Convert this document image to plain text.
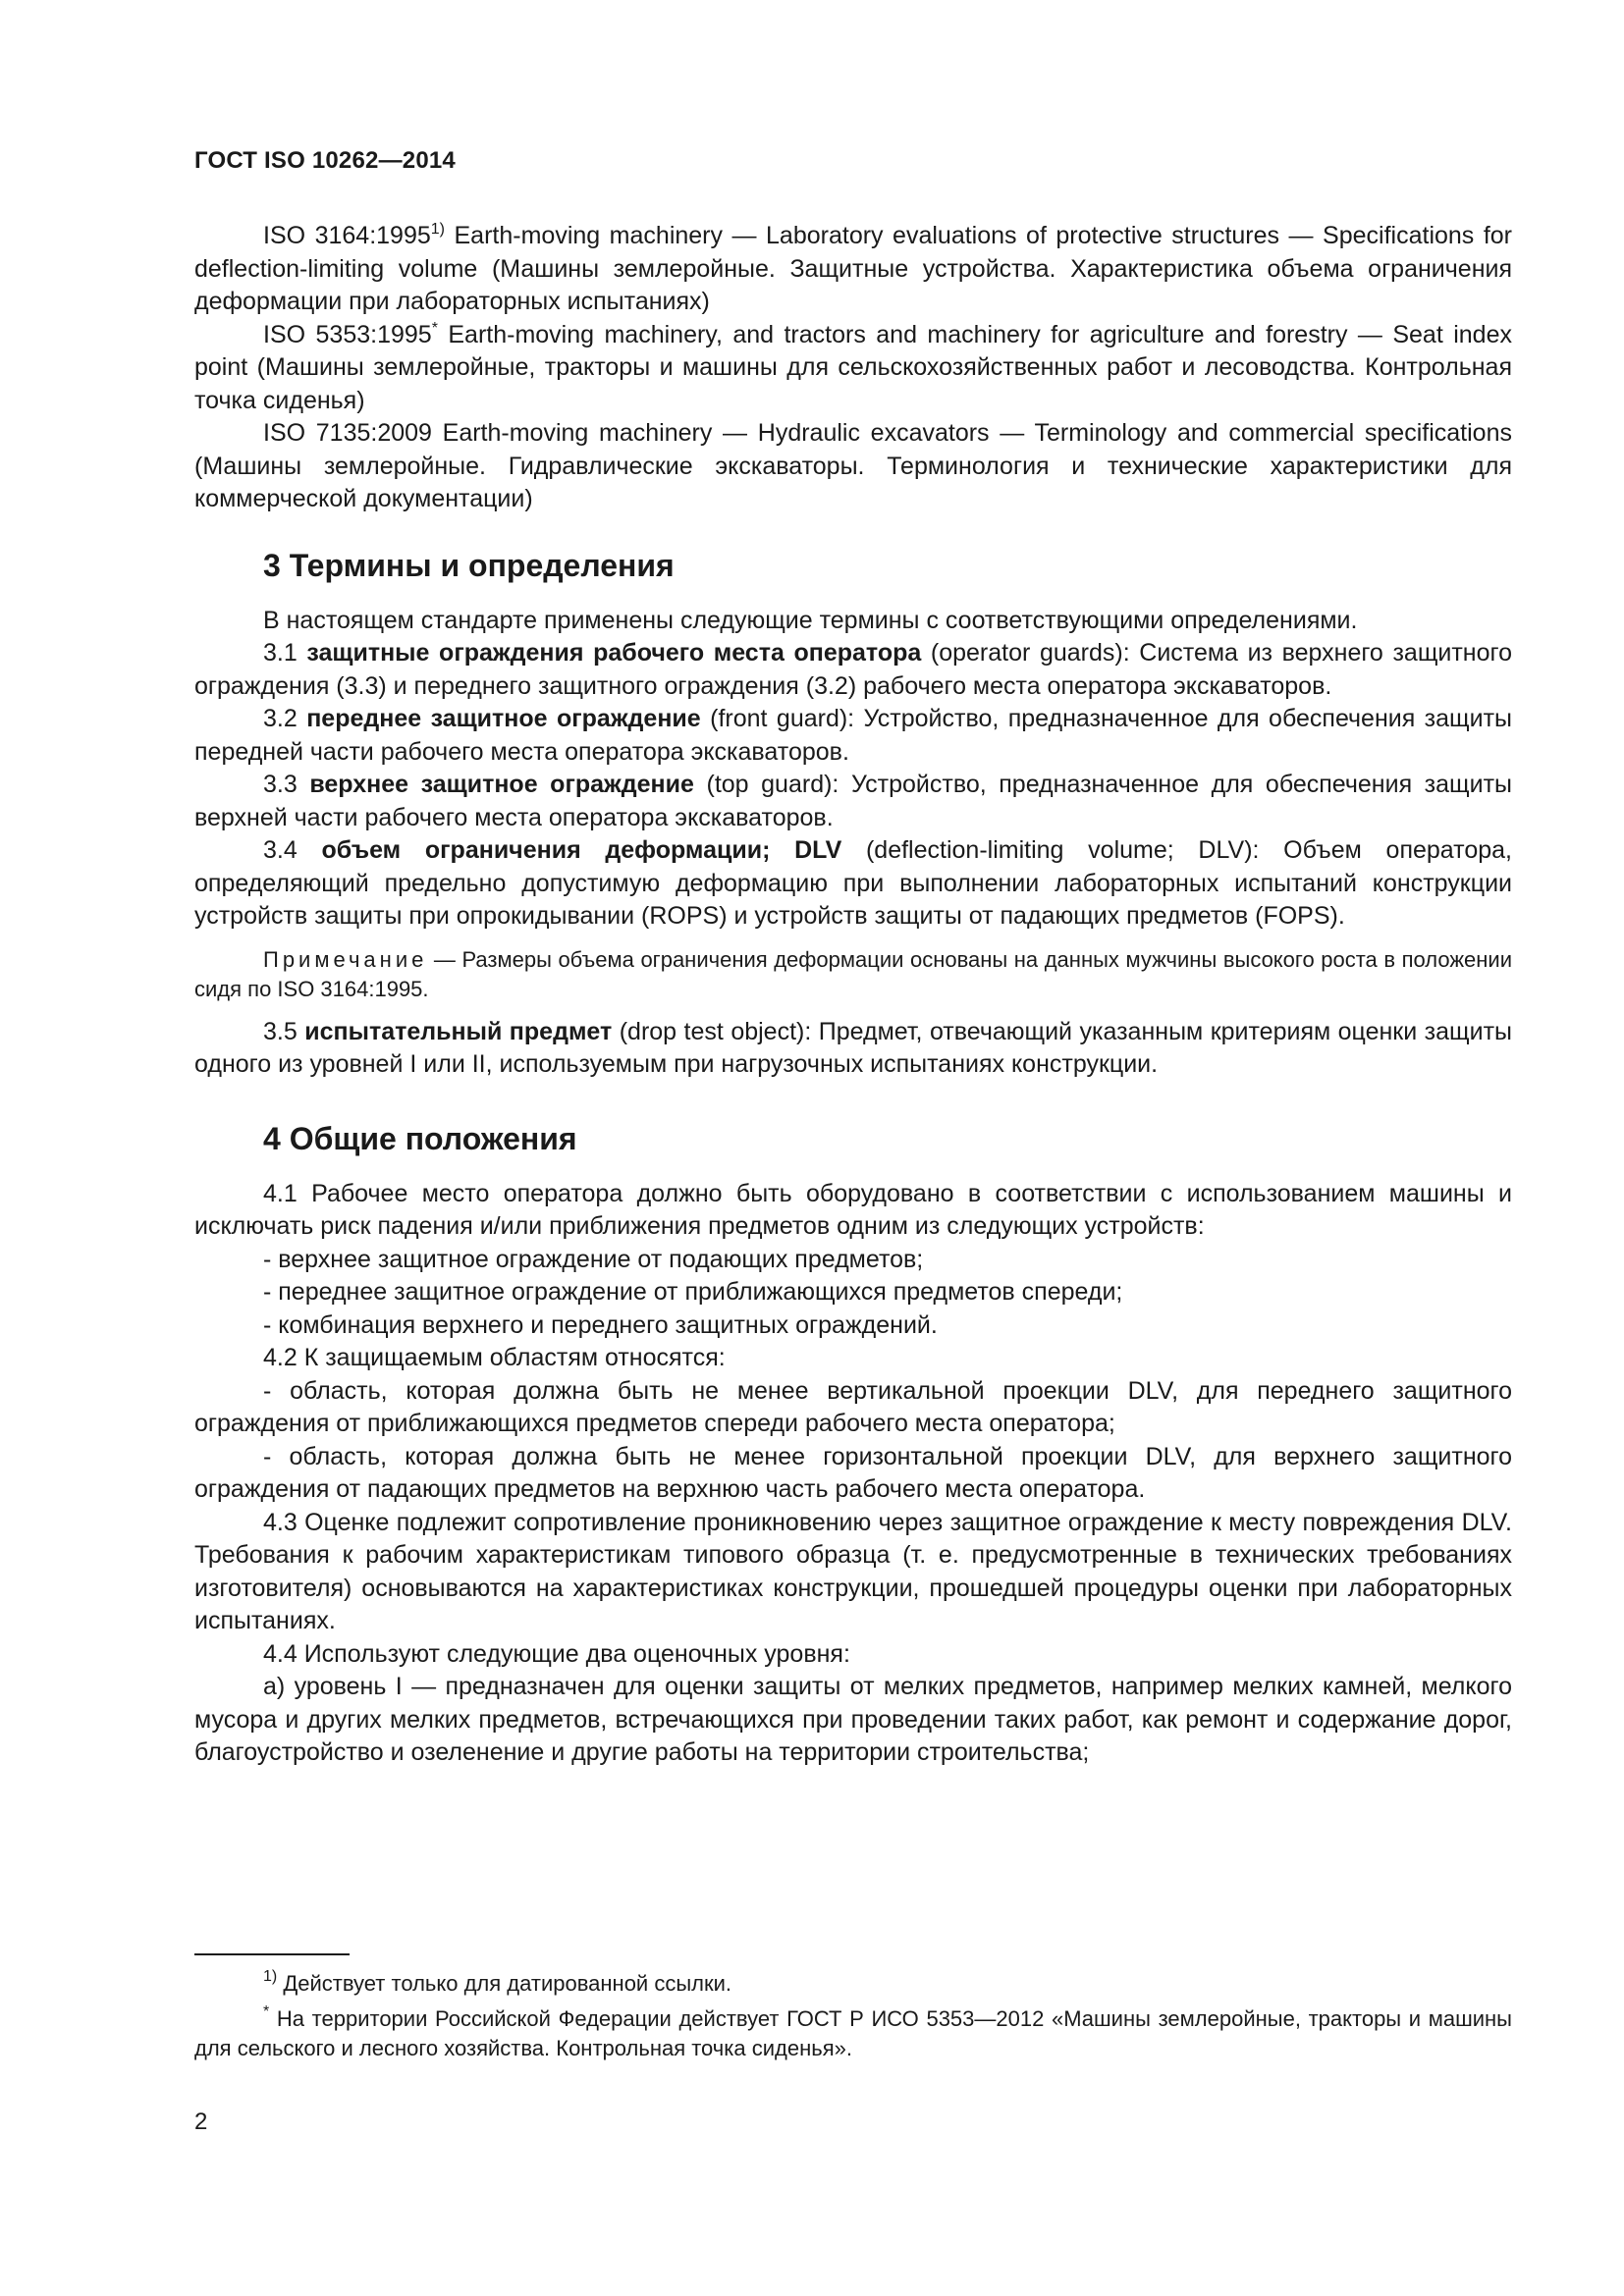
ГОСТ ISO 10262—2014

ISO 3164:1995$^{1)}$ Earth-moving machinery — Laboratory evaluations of protective structures — Specifications for deflection-limiting volume (Машины землеройные. Защитные устройства. Характеристика объема ограничения деформации при лабораторных испытаниях)

ISO 5353:1995* Earth-moving machinery, and tractors and machinery for agriculture and forestry — Seat index point (Машины землеройные, тракторы и машины для сельскохозяйственных работ и лесоводства. Контрольная точка сиденья)

ISO 7135:2009 Earth-moving machinery — Hydraulic excavators — Terminology and commercial specifications (Машины землеройные. Гидравлические экскаваторы. Терминология и технические характеристики для коммерческой документации)

3 Термины и определения

В настоящем стандарте применены следующие термины с соответствующими определениями.

3.1 защитные ограждения рабочего места оператора (operator guards): Система из верхнего защитного ограждения (3.3) и переднего защитного ограждения (3.2) рабочего места оператора экскаваторов.

3.2 переднее защитное ограждение (front guard): Устройство, предназначенное для обеспечения защиты передней части рабочего места оператора экскаваторов.

3.3 верхнее защитное ограждение (top guard): Устройство, предназначенное для обеспечения защиты верхней части рабочего места оператора экскаваторов.

3.4 объем ограничения деформации; DLV (deflection-limiting volume; DLV): Объем оператора, определяющий предельно допустимую деформацию при выполнении лабораторных испытаний конструкции устройств защиты при опрокидывании (ROPS) и устройств защиты от падающих предметов (FOPS).

Примечание — Размеры объема ограничения деформации основаны на данных мужчины высокого роста в положении сидя по ISO 3164:1995.

3.5 испытательный предмет (drop test object): Предмет, отвечающий указанным критериям оценки защиты одного из уровней I или II, используемым при нагрузочных испытаниях конструкции.

4 Общие положения

4.1 Рабочее место оператора должно быть оборудовано в соответствии с использованием машины и исключать риск падения и/или приближения предметов одним из следующих устройств:

- верхнее защитное ограждение от подающих предметов;

- переднее защитное ограждение от приближающихся предметов спереди;

- комбинация верхнего и переднего защитных ограждений.

4.2 К защищаемым областям относятся:

- область, которая должна быть не менее вертикальной проекции DLV, для переднего защитного ограждения от приближающихся предметов спереди рабочего места оператора;

- область, которая должна быть не менее горизонтальной проекции DLV, для верхнего защитного ограждения от падающих предметов на верхнюю часть рабочего места оператора.

4.3 Оценке подлежит сопротивление проникновению через защитное ограждение к месту повреждения DLV. Требования к рабочим характеристикам типового образца (т. е. предусмотренные в технических требованиях изготовителя) основываются на характеристиках конструкции, прошедшей процедуры оценки при лабораторных испытаниях.

4.4 Используют следующие два оценочных уровня:

а) уровень I — предназначен для оценки защиты от мелких предметов, например мелких камней, мелкого мусора и других мелких предметов, встречающихся при проведении таких работ, как ремонт и содержание дорог, благоустройство и озеленение и другие работы на территории строительства;

$^{1)}$ Действует только для датированной ссылки.

* На территории Российской Федерации действует ГОСТ Р ИСО 5353—2012 «Машины землеройные, тракторы и машины для сельского и лесного хозяйства. Контрольная точка сиденья».

2
